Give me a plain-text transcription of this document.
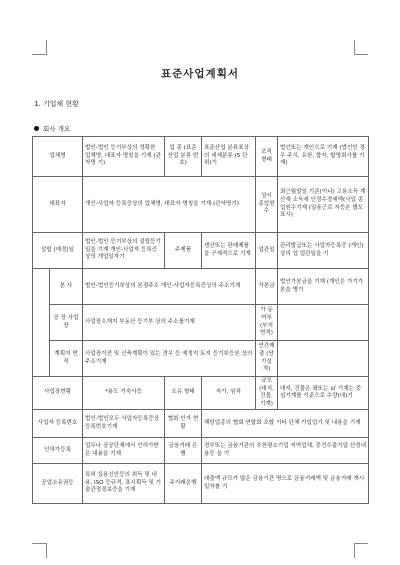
표준사업계획서
1. 기업체 현황
회사 개요
업체명		법인-법인 등기부상의 정확한 업체명, 대표자 명칭을 기재 (관자명 기)	업 종 (표준산업 분류 번호)	표준산업 분류표상의 세세분류 (5 단위)기	조직 형태	법인또는 개인으로 기재 (법인인 경우 주식, 유한, 합자, 합명회사를 기재)
대표자		개인-사업자 등록증상의 업체명, 대표자 명칭을 기재 (관자명기)			상시 종업원 수	최근월말일 기준(이나) 고용소득 계산세 소득세 인정수정세액(사업 종업원수기재 (일용근로 자등은 별도표시)
설립 (예정)일		법인-법인 등기부상의 설립등기일을 기재 개인-사업자 등록증상의 개업일자기	주제품	생산또는 판매제품을 구체적으로 기재	업관일	관리발급또는 사업자등록증 (개인) 상의 업 업관일을 기
	본 사	법인-법인등기부상의 본점주소 개인-사업자등록증상의 주소기재			가본금	법인가본금을 기재 (개인은 가기가본을 병기
	공 장 사업장	사업장소재지 부동산 등기부 상의 주소를기재			가 동 여부 (부지 면적)	
	계획지 면 적	사업장이전 및 신축계획이 있는 경우 등 예정지 토지 등기부등본 상의 주소기재			연간매출 (당기실적)	
사업장현황		*용도 기숙사등	소유 형태	자가, 임차	규모 (대지, 건물, 기계)	대지, 건물은 평또는 ㎡ 기계는 중심기계를 기준으로 수량(대)기
사업자 등록번호		법인-법인모두 사업자등록증상 등록번호기재	협회 인가 현황	해당업종의 협회 연합회 조합 기타 단체 가입업기 및 내용을 기재		
인허가등록		업무나 공공단체에서 인허가받은 내용을 기재	금융거래 은 행	경부또는 금융기관의 추천평소기업 지역업체, 중견수출기업 선정내용등 을 기		
공업소유권등		특허 실용신안등의 취득 및 내용, ISO 등규격, 표시획득 및 기술관정정보증을 기재	주거래은행	대출액 규모가 많은 금융기관 명으로 금융거래액 및 금융거래 개시 일자를 기		
